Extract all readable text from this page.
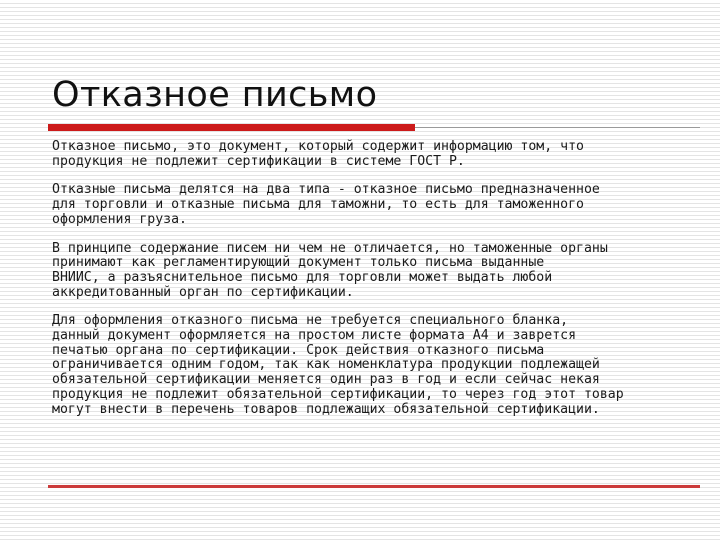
Отказное письмо

Отказное письмо, это документ, который содержит информацию том, что
продукция не подлежит сертификации в системе ГОСТ Р.

Отказные письма делятся на два типа - отказное письмо предназначенное
для торговли и отказные письма для таможни, то есть для таможенного
оформления груза.

В принципе содержание писем ни чем не отличается, но таможенные органы
принимают как регламентирующий документ только письма выданные
ВНИИС, а разъяснительное письмо для торговли может выдать любой
аккредитованный орган по сертификации.

Для оформления отказного письма не требуется специального бланка,
данный документ оформляется на простом листе формата А4 и заврется
печатью органа по сертификации. Срок действия отказного письма
ограничивается одним годом, так как номенклатура продукции подлежащей
обязательной сертификации меняется один раз в год и если сейчас некая
продукция не подлежит обязательной сертификации, то через год этот товар
могут внести в перечень товаров подлежащих обязательной сертификации.
